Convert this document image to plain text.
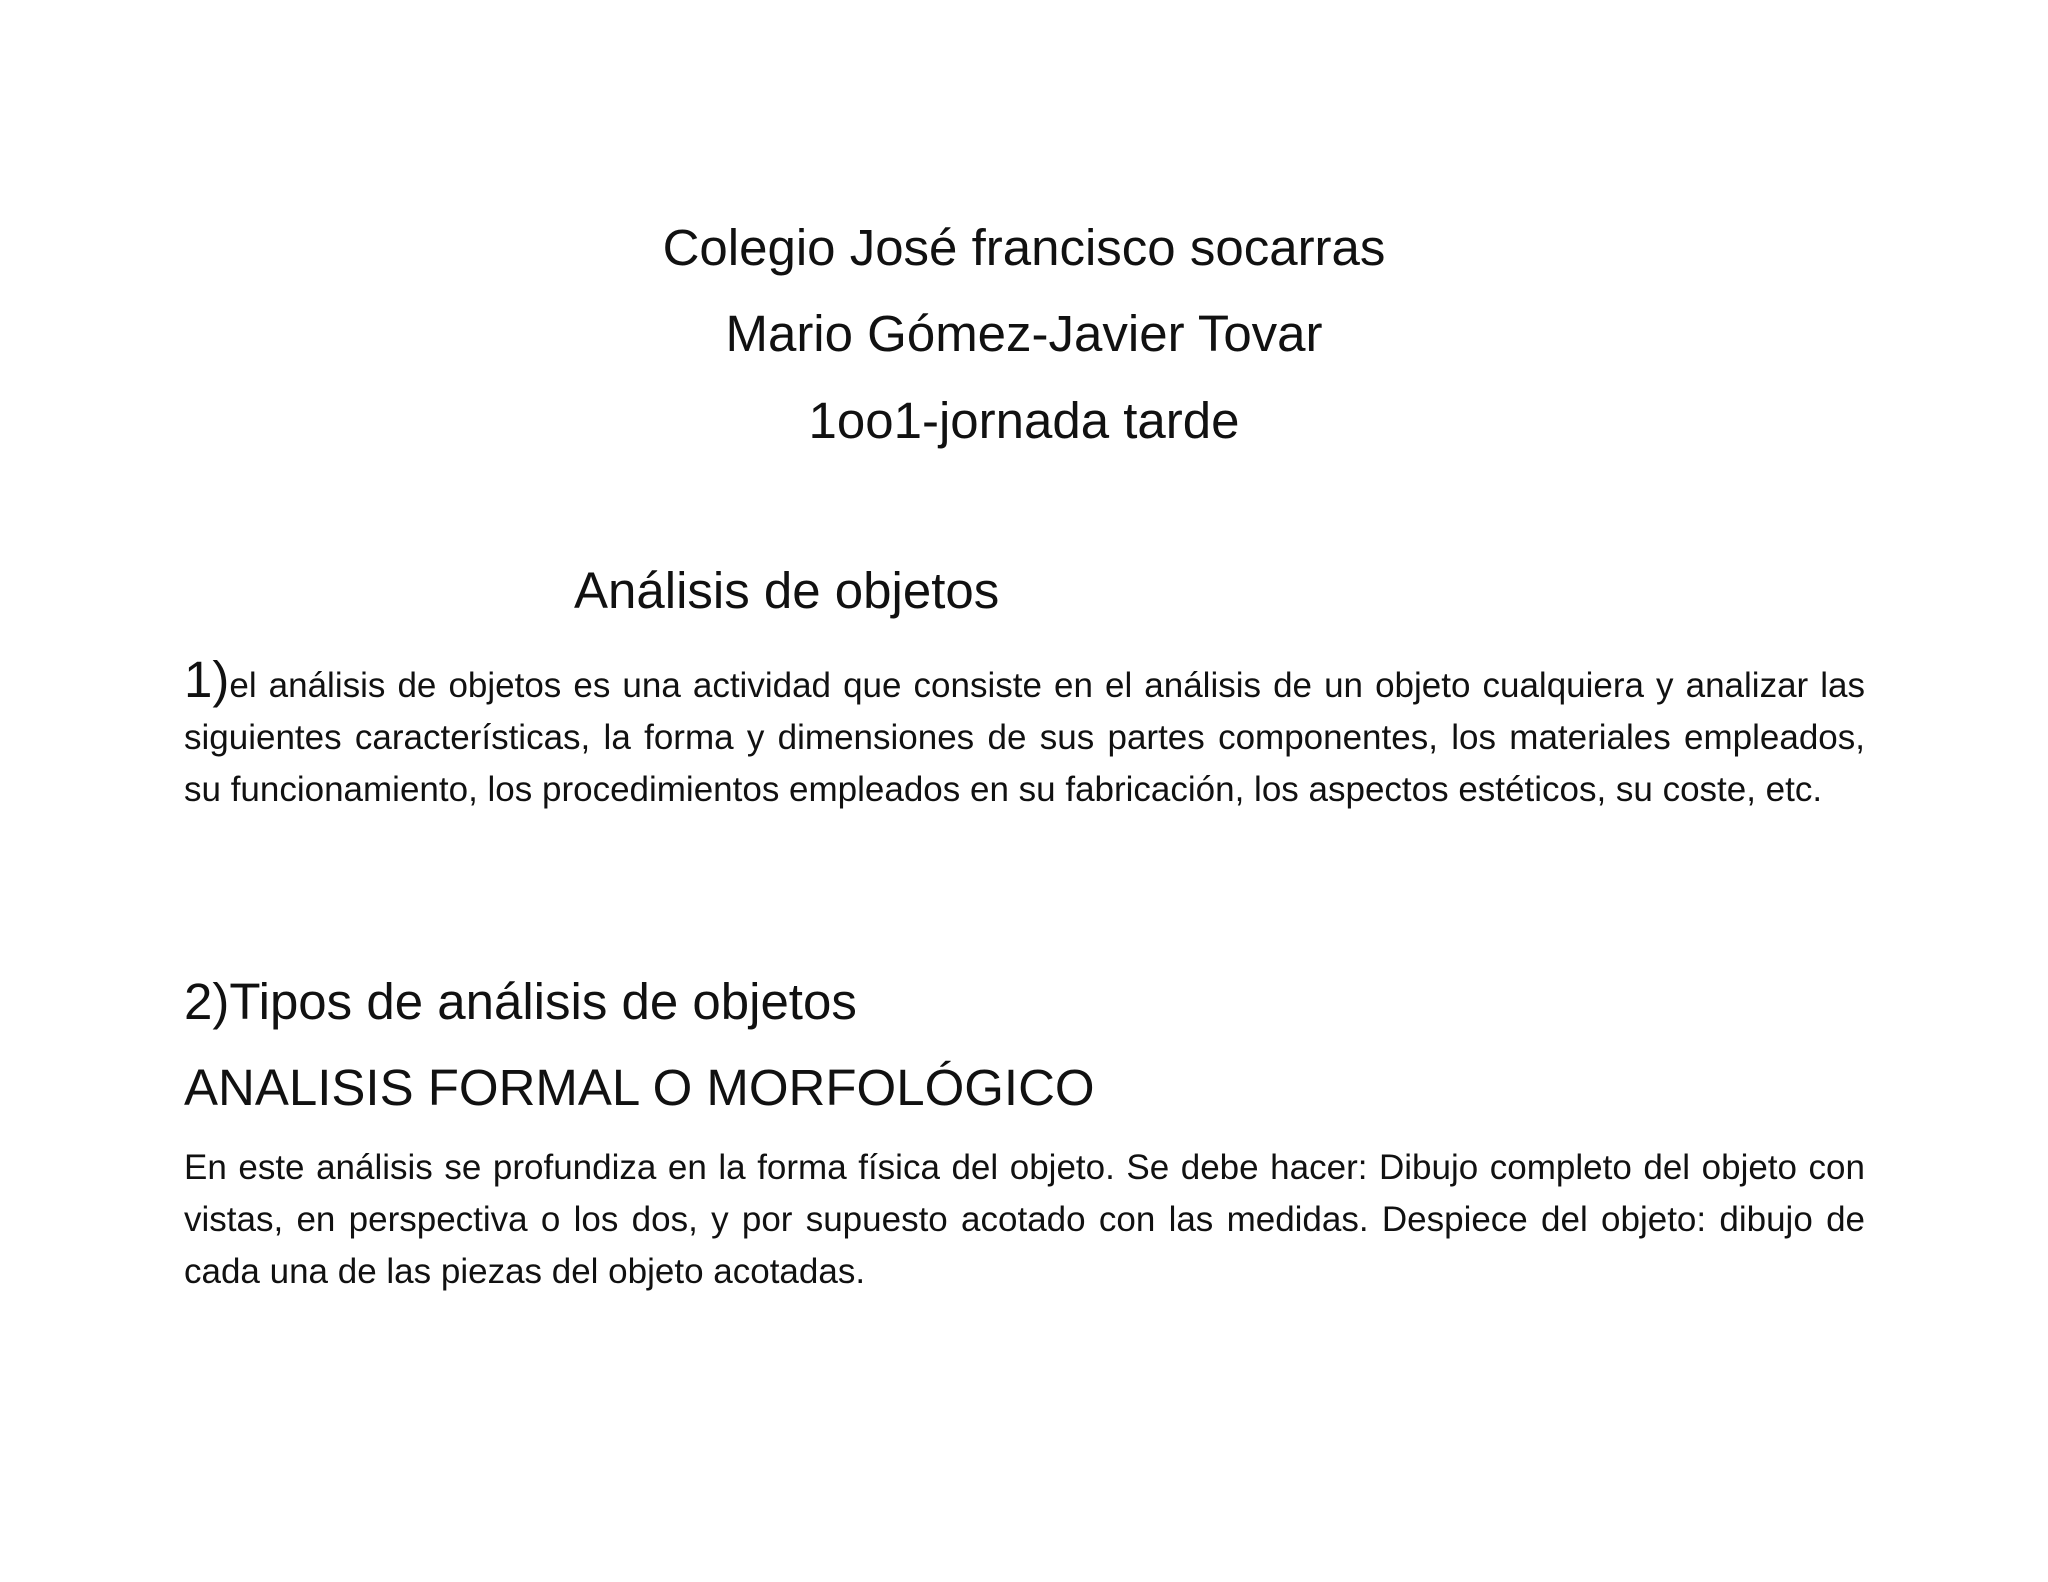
Colegio José francisco socarras
Mario Gómez-Javier Tovar
1oo1-jornada tarde
Análisis de objetos
1)el análisis de objetos es una actividad que consiste en el análisis de un objeto cualquiera y analizar las siguientes características, la forma y dimensiones de sus partes componentes, los materiales empleados, su funcionamiento, los procedimientos empleados en su fabricación, los aspectos estéticos, su coste, etc.
2)Tipos de análisis de objetos
ANALISIS FORMAL O MORFOLÓGICO
En este análisis se profundiza en la forma física del objeto. Se debe hacer: Dibujo completo del objeto con vistas, en perspectiva o los dos, y por supuesto acotado con las medidas. Despiece del objeto: dibujo de cada una de las piezas del objeto acotadas.
